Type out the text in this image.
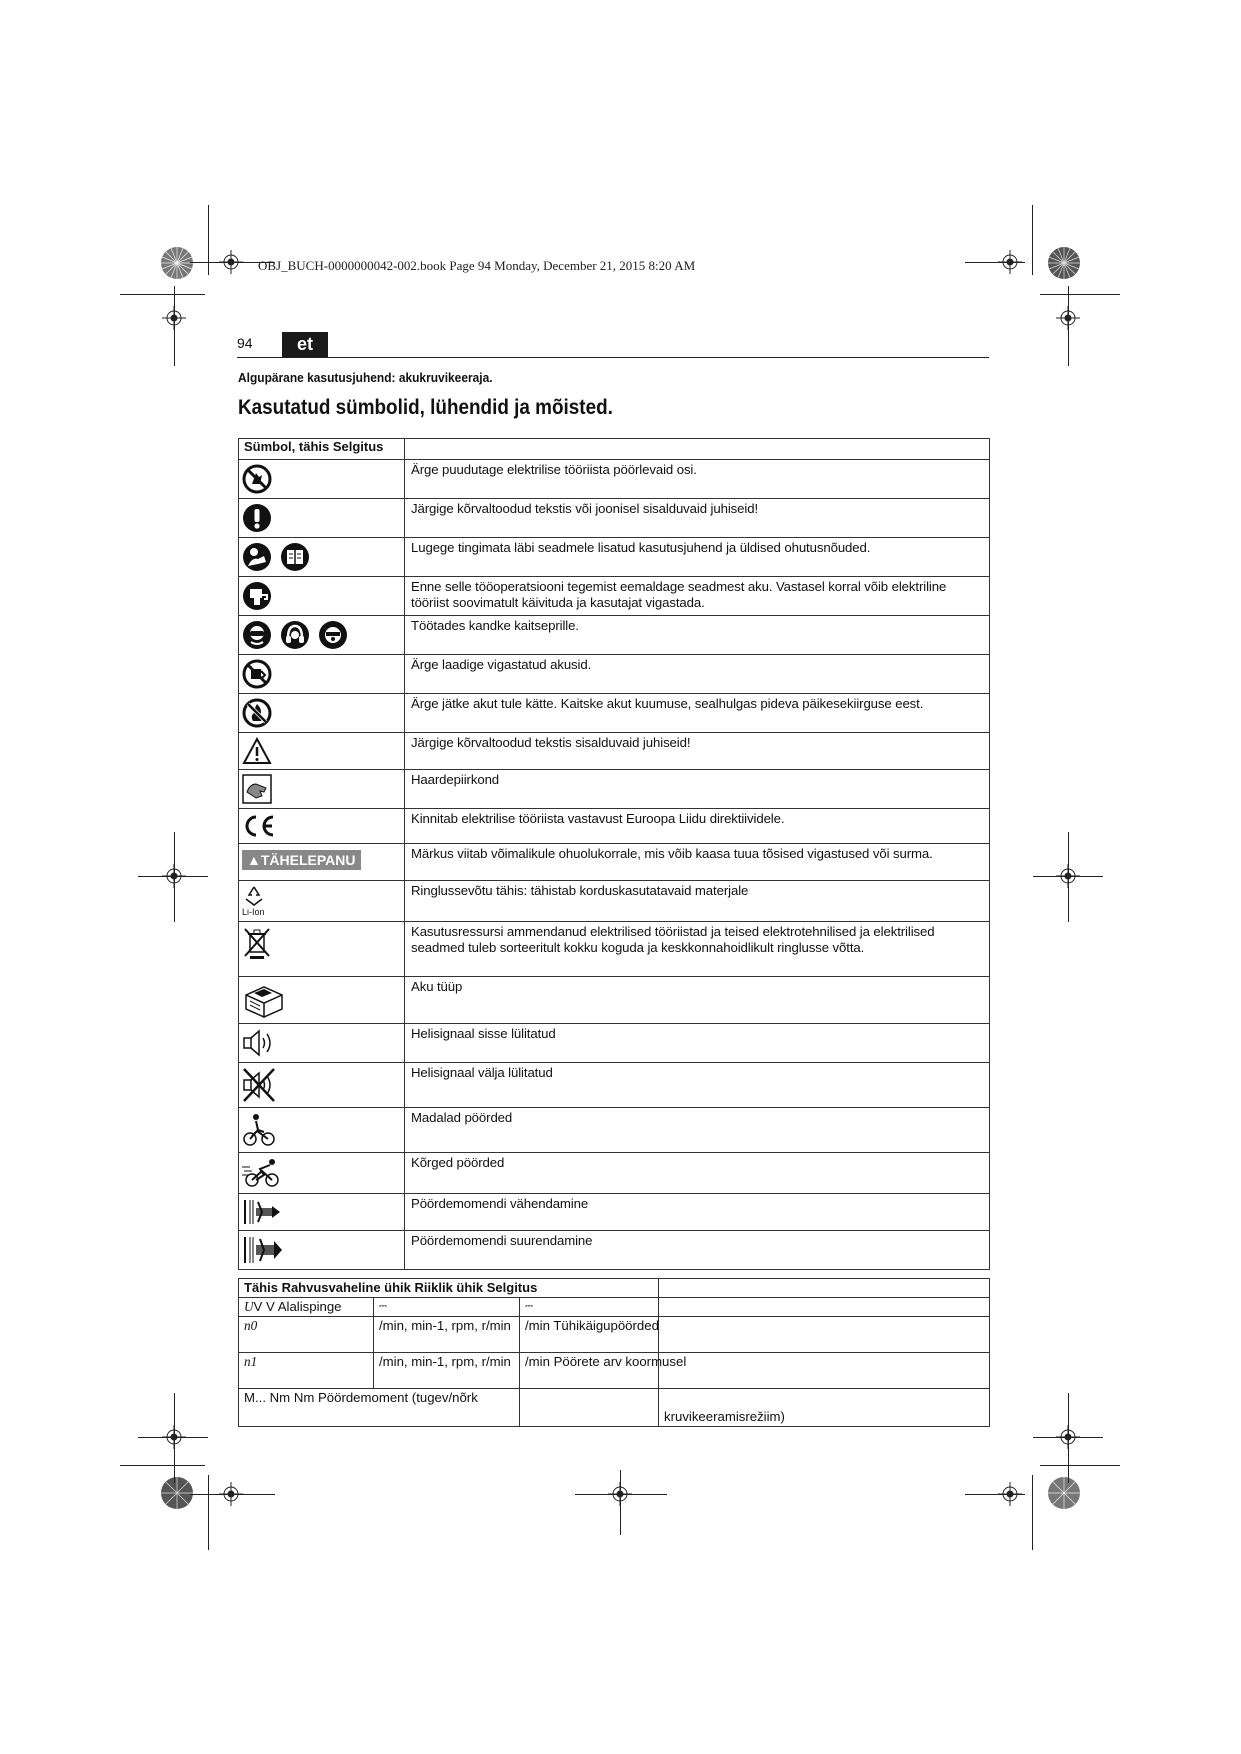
OBJ_BUCH-0000000042-002.book Page 94 Monday, December 21, 2015 8:20 AM
94	et
Algupärane kasutusjuhend: akukruvikeeraja.
Kasutatud sümbolid, lühendid ja mõisted.
Sümbol, tähis Selgitus	
	Ärge puudutage elektrilise tööriista pöörlevaid osi.
	Järgige kõrvaltoodud tekstis või joonisel sisalduvaid juhiseid!
	Lugege tingimata läbi seadmele lisatud kasutusjuhend ja üldised ohutusnõuded.
	Enne selle tööoperatsiooni tegemist eemaldage seadmest aku. Vastasel korral võib elektriline tööriist soovimatult käivituda ja kasutajat vigastada.
	Töötades kandke kaitseprille.
	Ärge laadige vigastatud akusid.
	Ärge jätke akut tule kätte. Kaitske akut kuumuse, sealhulgas pideva päikesekiirguse eest.
	Järgige kõrvaltoodud tekstis sisalduvaid juhiseid!
	Haardepiirkond
	Kinnitab elektrilise tööriista vastavust Euroopa Liidu direktiividele.
▲TÄHELEPANU	Märkus viitab võimalikule ohuolukorrale, mis võib kaasa tuua tõsised vigastused või surma.

Li-Ion	Ringlussevõtu tähis: tähistab korduskasutatavaid materjale
	Kasutusressursi ammendanud elektrilised tööriistad ja teised elektrotehnilised ja elektrilised seadmed tuleb sorteeritult kokku koguda ja keskkonnahoidlikult ringlusse võtta.
	Aku tüüp
	Helisignaal sisse lülitatud
	Helisignaal välja lülitatud
	Madalad pöörded
	Kõrged pöörded
	Pöördemomendi vähendamine
	Pöördemomendi suurendamine
Tähis Rahvusvaheline ühik Riiklik ühik Selgitus			
UV V Alalispinge	⎓	⎓	
n0	/min, min-1, rpm, r/min	/min Tühikäigupöörded	
n1	/min, min-1, rpm, r/min	/min Pöörete arv koormusel	
M... Nm Nm Pöördemoment (tugev/nõrk			kruvikeeramisrežiim)
